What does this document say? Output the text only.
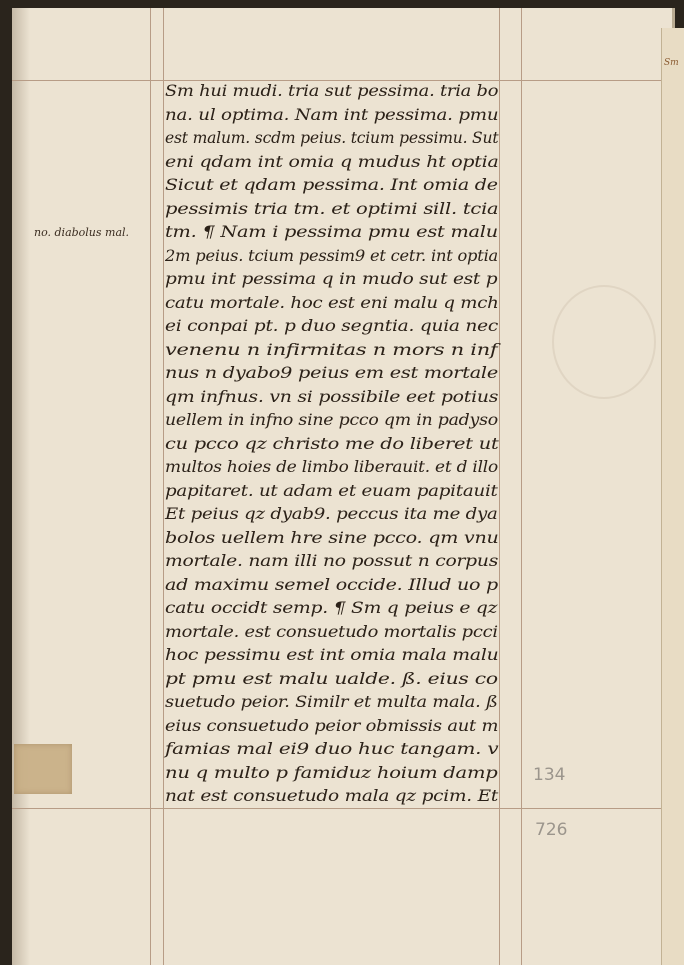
Sm
no. diabolus mal.
Sm hui mudi. tria sut pessima. tria bo
na. ul optima. Nam int pessima. pmu
est malum. scdm peius. tcium pessimu. Sut
eni qdam int omia q mudus ht optia
Sicut et qdam pessima. Int omia de
pessimis tria tm. et optimi sill. tcia
tm. ¶ Nam i pessima pmu est malu
2m peius. tcium pessim9 et cetr. int optia
pmu int pessima q in mudo sut est p
catu mortale. hoc est eni malu q mch
ei conpai pt. p duo segntia. quia nec
venenu n infirmitas n mors n inf
nus n dyabo9 peius em est mortale
qm infnus. vn si possibile eet potius
uellem in infno sine pcco qm in padyso
cu pcco qz christo me do liberet ut
multos hoies de limbo liberauit. et d illo
papitaret. ut adam et euam papitauit
Et peius qz dyab9. peccus ita me dya
bolos uellem hre sine pcco. qm vnu
mortale. nam illi no possut n corpus
ad maximu semel occide. Illud uo p
catu occidt semp. ¶ Sm q peius e qz
mortale. est consuetudo mortalis pcci
hoc pessimu est int omia mala malu
pt pmu est malu ualde. ß. eius co
suetudo peior. Similr et multa mala. ß
eius consuetudo peior obmissis aut m
famias mal ei9 duo huc tangam. v
nu q multo p famiduz hoium damp
nat est consuetudo mala qz pcim. Et
134
726
